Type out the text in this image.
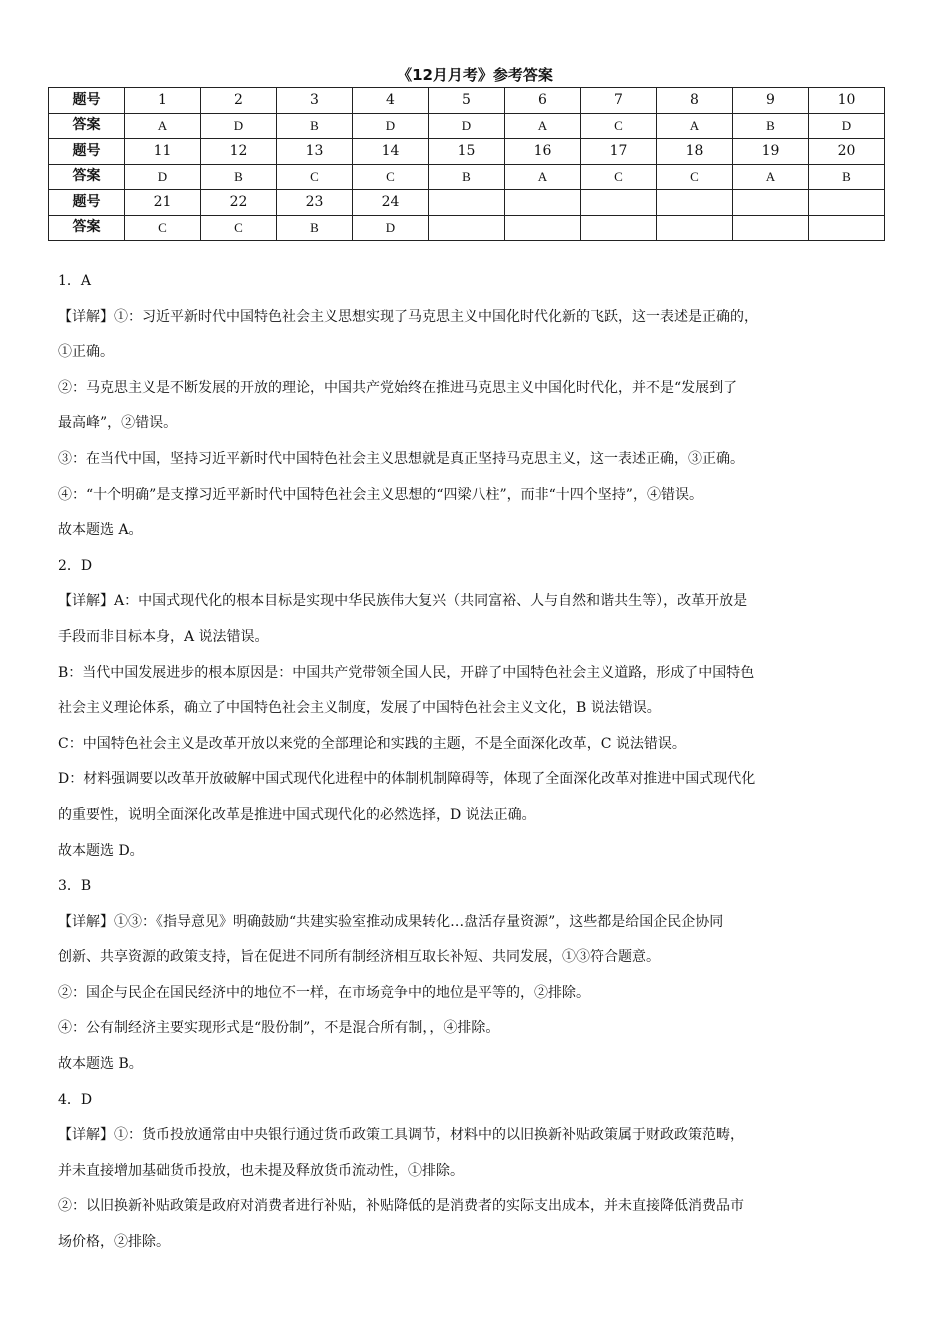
《12月月考》参考答案
题号	1	2	3	4	5	6	7	8	9	10
答案	A	D	B	D	D	A	C	A	B	D
题号	11	12	13	14	15	16	17	18	19	20
答案	D	B	C	C	B	A	C	C	A	B
题号	21	22	23	24						
答案	C	C	B	D						

1．A

【详解】①：习近平新时代中国特色社会主义思想实现了马克思主义中国化时代化新的飞跃，这一表述是正确的，

①正确。

②：马克思主义是不断发展的开放的理论，中国共产党始终在推进马克思主义中国化时代化，并不是“发展到了

最高峰”，②错误。

③：在当代中国，坚持习近平新时代中国特色社会主义思想就是真正坚持马克思主义，这一表述正确，③正确。

④：“十个明确”是支撑习近平新时代中国特色社会主义思想的“四梁八柱”，而非“十四个坚持”，④错误。

故本题选 A。

2．D

【详解】A：中国式现代化的根本目标是实现中华民族伟大复兴（共同富裕、人与自然和谐共生等），改革开放是

手段而非目标本身，A 说法错误。

B：当代中国发展进步的根本原因是：中国共产党带领全国人民，开辟了中国特色社会主义道路，形成了中国特色

社会主义理论体系，确立了中国特色社会主义制度，发展了中国特色社会主义文化，B 说法错误。

C：中国特色社会主义是改革开放以来党的全部理论和实践的主题，不是全面深化改革，C 说法错误。

D：材料强调要以改革开放破解中国式现代化进程中的体制机制障碍等，体现了全面深化改革对推进中国式现代化

的重要性，说明全面深化改革是推进中国式现代化的必然选择，D 说法正确。

故本题选 D。

3．B

【详解】①③：《指导意见》明确鼓励“共建实验室推动成果转化…盘活存量资源”，这些都是给国企民企协同

创新、共享资源的政策支持，旨在促进不同所有制经济相互取长补短、共同发展，①③符合题意。

②：国企与民企在国民经济中的地位不一样，在市场竞争中的地位是平等的，②排除。

④：公有制经济主要实现形式是“股份制”，不是混合所有制，，④排除。

故本题选 B。

4．D

【详解】①：货币投放通常由中央银行通过货币政策工具调节，材料中的以旧换新补贴政策属于财政政策范畴，

并未直接增加基础货币投放，也未提及释放货币流动性，①排除。

②：以旧换新补贴政策是政府对消费者进行补贴，补贴降低的是消费者的实际支出成本，并未直接降低消费品市

场价格，②排除。
